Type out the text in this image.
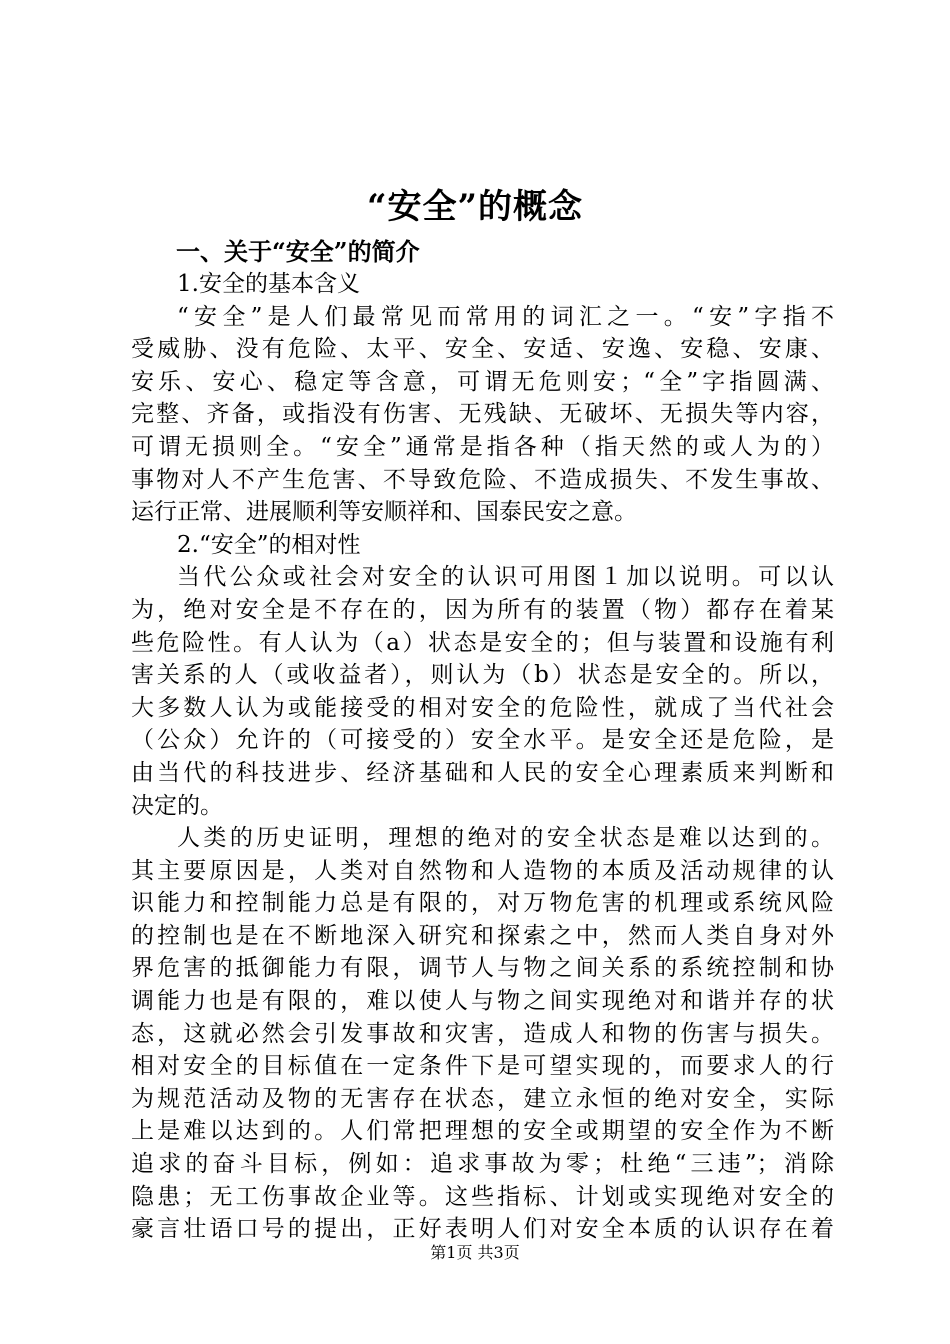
“安全”的概念
一、关于“安全”的简介
1.安全的基本含义
“安全”是人们最常见而常用的词汇之一。“安”字指不
受威胁、没有危险、太平、安全、安适、安逸、安稳、安康、
安乐、安心、稳定等含意，可谓无危则安；“全”字指圆满、
完整、齐备，或指没有伤害、无残缺、无破坏、无损失等内容，
可谓无损则全。“安全”通常是指各种（指天然的或人为的）
事物对人不产生危害、不导致危险、不造成损失、不发生事故、
运行正常、进展顺利等安顺祥和、国泰民安之意。
2.“安全”的相对性
当代公众或社会对安全的认识可用图１加以说明。可以认
为，绝对安全是不存在的，因为所有的装置（物）都存在着某
些危险性。有人认为（a）状态是安全的；但与装置和设施有利
害关系的人（或收益者），则认为（b）状态是安全的。所以，
大多数人认为或能接受的相对安全的危险性，就成了当代社会
（公众）允许的（可接受的）安全水平。是安全还是危险，是
由当代的科技进步、经济基础和人民的安全心理素质来判断和
决定的。
人类的历史证明，理想的绝对的安全状态是难以达到的。
其主要原因是，人类对自然物和人造物的本质及活动规律的认
识能力和控制能力总是有限的，对万物危害的机理或系统风险
的控制也是在不断地深入研究和探索之中，然而人类自身对外
界危害的抵御能力有限，调节人与物之间关系的系统控制和协
调能力也是有限的，难以使人与物之间实现绝对和谐并存的状
态，这就必然会引发事故和灾害，造成人和物的伤害与损失。
相对安全的目标值在一定条件下是可望实现的，而要求人的行
为规范活动及物的无害存在状态，建立永恒的绝对安全，实际
上是难以达到的。人们常把理想的安全或期望的安全作为不断
追求的奋斗目标，例如：追求事故为零；杜绝“三违”；消除
隐患；无工伤事故企业等。这些指标、计划或实现绝对安全的
豪言壮语口号的提出，正好表明人们对安全本质的认识存在着
第1页 共3页
